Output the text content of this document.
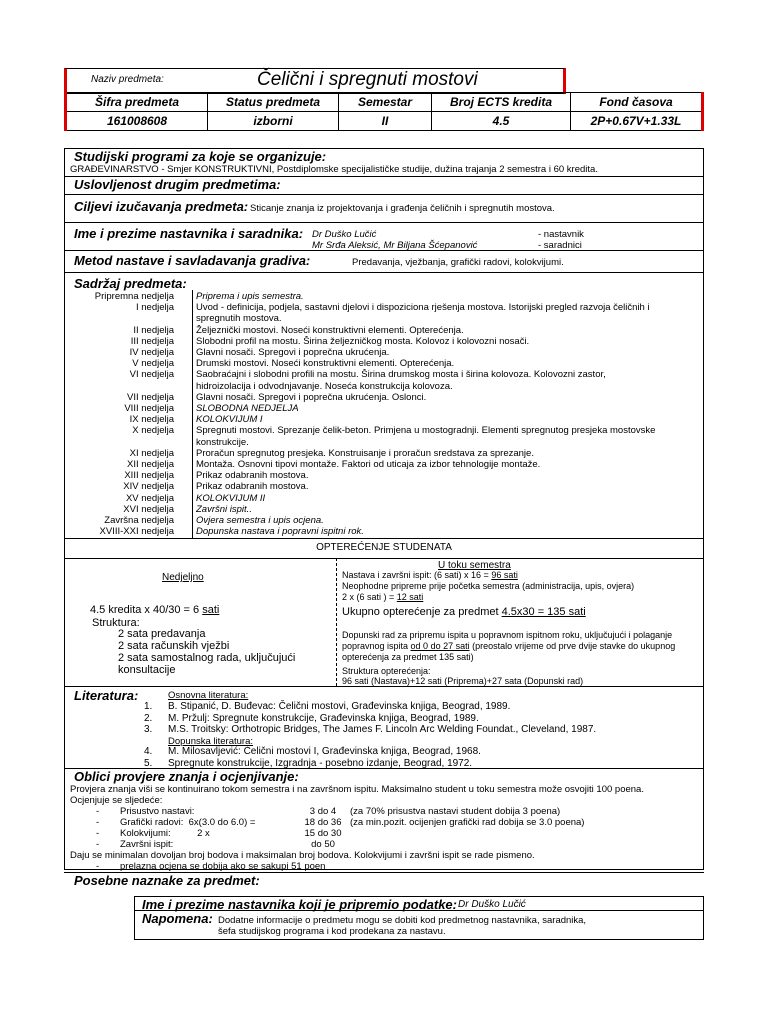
Naziv predmeta:	Čelični i spregnuti mostovi
Šifra predmeta	Status predmeta	Semestar	Broj ECTS kredita	Fond časova
161008608	izborni	II	4.5	2P+0.67V+1.33L
Studijski programi za koje se organizuje:
GRAĐEVINARSTVO - Smjer KONSTRUKTIVNI, Postdiplomske specijalističke studije, dužina trajanja 2 semestra i 60 kredita.
Uslovljenost drugim predmetima:
Ciljevi izučavanja predmeta: Sticanje znanja iz projektovanja i građenja čeličnih i spregnutih mostova.
Ime i prezime nastavnika i saradnika: Dr Duško Lučić	- nastavnik
Mr Srđa Aleksić, Mr Biljana Šćepanović	- saradnici
Metod nastave i savladavanja gradiva:	Predavanja, vježbanja, grafički radovi, kolokvijumi.
Sadržaj predmeta:
Pripremna nedjelja Priprema i upis semestra.
I nedjelja Uvod - definicija, podjela, sastavni djelovi i dispozicionа rješenja mostova. Istorijski pregled razvoja čeličnih i
spregnutih mostova.
II nedjelja Željeznički mostovi. Noseći konstruktivni elementi. Opterećenja.
III nedjelja Slobodni profil na mostu. Širina željezničkog mosta. Kolovoz i kolovozni nosači.
IV nedjelja Glavni nosači. Spregovi i poprečna ukrućenja.
V nedjelja Drumski mostovi. Noseći konstruktivni elementi. Opterećenja.
VI nedjelja Saobraćajni i slobodni profili na mostu. Širina drumskog mosta i širina kolovoza. Kolovozni zastor,
hidroizolacija i odvodnjavanje. Noseća konstrukcija kolovoza.
VII nedjelja Glavni nosači. Spregovi i poprečna ukrućenja. Oslonci.
VIII nedjelja SLOBODNA NEDJELJA
IX nedjelja KOLOKVIJUM I
X nedjelja Spregnuti mostovi. Sprezanje čelik-beton. Primjena u mostogradnji. Elementi spregnutog presjeka mostovske
konstrukcije.
XI nedjelja Proračun spregnutog presjeka. Konstruisanje i proračun sredstava za sprezanje.
XII nedjelja Montaža. Osnovni tipovi montaže. Faktori od uticaja za izbor tehnologije montaže.
XIII nedjelja Prikaz odabranih mostova.
XIV nedjelja Prikaz odabranih mostova.
XV nedjelja KOLOKVIJUM II
XVI nedjelja Završni ispit..
Završna nedjelja Ovjera semestra i upis ocjena.
XVIII-XXI nedjelja Dopunska nastava i popravni ispitni rok.
OPTEREĆENJE STUDENATA
Nedjeljno
4.5 kredita x 40/30 = 6 sati
Struktura:
2 sata predavanja
2 sata računskih vježbi
2 sata samostalnog rada, uključujući
konsultacije
U toku semestra
Nastava i završni ispit: (6 sati) x 16 = 96 sati
Neophodne pripreme prije početka semestra (administracija, upis, ovjera)
2 x (6 sati ) = 12 sati
Ukupno opterećenje za predmet 4.5x30 = 135 sati
Dopunski rad za pripremu ispita u popravnom ispitnom roku, uključujući i polaganje
popravnog ispita od 0 do 27 sati (preostalo vrijeme od prve dvije stavke do ukupnog
opterećenja za predmet 135 sati)
Struktura opterećenja:
96 sati (Nastava)+12 sati (Priprema)+27 sata (Dopunski rad)
Literatura:	Osnovna literatura:
1. B. Stipanić, D. Buđevac: Čelični mostovi, Građevinska knjiga, Beograd, 1989.
2. M. Pržulj: Spregnute konstrukcije, Građevinska knjiga, Beograd, 1989.
3. M.S. Troitsky: Orthotropic Bridges, The James F. Lincoln Arc Welding Foundat., Cleveland, 1987.
Dopunska literatura:
4. M. Milosavljević: Čelični mostovi I, Građevinska knjiga, Beograd, 1968.
5. Spregnute konstrukcije, Izgradnja - posebno izdanje, Beograd, 1972.
Oblici provjere znanja i ocjenjivanje:
Provjera znanja viši se kontinuirano tokom semestra i na završnom ispitu. Maksimalno student u toku semestra može osvojiti 100 poena.
Ocjenjuje se sljedeće:
- Prisustvo nastavi:	3 do 4	(za 70% prisustva nastavi student dobija 3 poena)
- Grafički radovi:  6x(3.0 do 6.0) =	18 do 36 (za min.pozit. ocijenjen grafički rad dobija se 3.0 poena)
- Kolokvijumi:          2 x	15 do 30
- Završni ispit:	do 50
Daju se minimalan dovoljan broj bodova i maksimalan broj bodova. Kolokvijumi i završni ispit se rade pismeno.
- prelazna ocjena se dobija ako se sakupi 51 poen
Posebne naznake za predmet:
Ime i prezime nastavnika koji je pripremio podatke: Dr Duško Lučić
Napomena: Dodatne informacije o predmetu mogu se dobiti kod predmetnog nastavnika, saradnika,
šefa studijskog programa i kod prodekana za nastavu.
